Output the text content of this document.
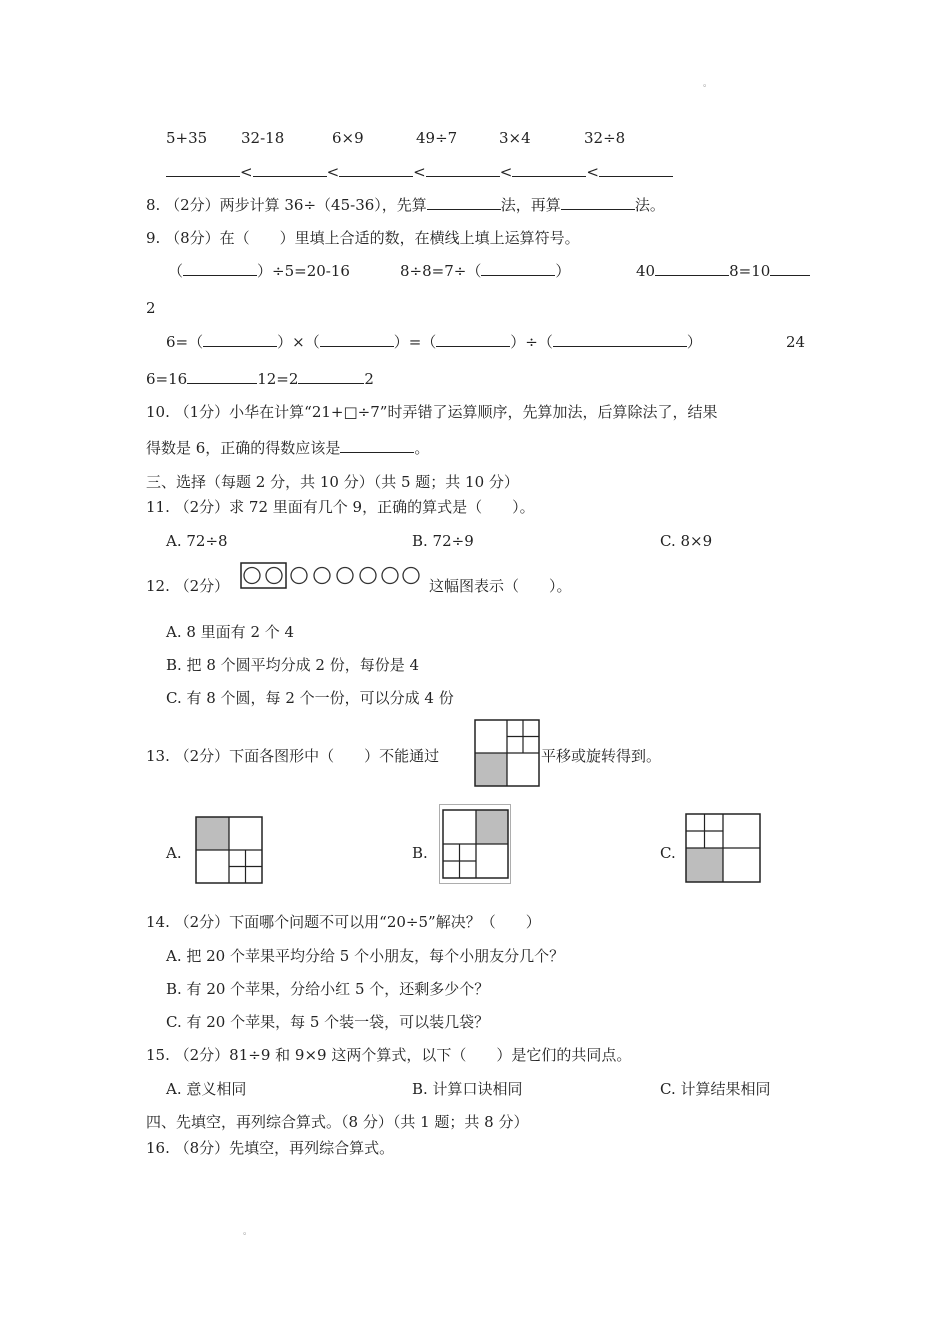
。
5+35 32-18	6×9	49÷7	3×4	32÷8
<	<	<	<	<
8. （2分）两步计算 36÷（45-36），先算	法，再算	法。
9. （8分）在（　　）里填上合适的数，在横线上填上运算符号。
（	）÷5=20-16	8÷8=7÷（	）	40	8=10
2
6=（	）×（	）=（	）÷（	）	24
6=16	12=2	2
10. （1分）小华在计算“21+□÷7”时弄错了运算顺序，先算加法，后算除法了，结果
得数是 6，正确的得数应该是	。
三、选择（每题 2 分，共 10 分）（共 5 题；共 10 分）
11. （2分）求 72 里面有几个 9，正确的算式是（　　）。
A. 72÷8	B. 72÷9	C. 8×9
12. （2分）	这幅图表示（　　）。
A. 8 里面有 2 个 4
B. 把 8 个圆平均分成 2 份，每份是 4
C. 有 8 个圆，每 2 个一份，可以分成 4 份
13. （2分）下面各图形中（　　）不能通过	平移或旋转得到。
A.	B.	C.
14. （2分）下面哪个问题不可以用“20÷5”解决？（　　）
A. 把 20 个苹果平均分给 5 个小朋友，每个小朋友分几个？
B. 有 20 个苹果，分给小红 5 个，还剩多少个？
C. 有 20 个苹果，每 5 个装一袋，可以装几袋？
15. （2分）81÷9 和 9×9 这两个算式，以下（　　）是它们的共同点。
A. 意义相同	B. 计算口诀相同	C. 计算结果相同
四、先填空，再列综合算式。（8 分）（共 1 题；共 8 分）
16. （8分）先填空，再列综合算式。
。
